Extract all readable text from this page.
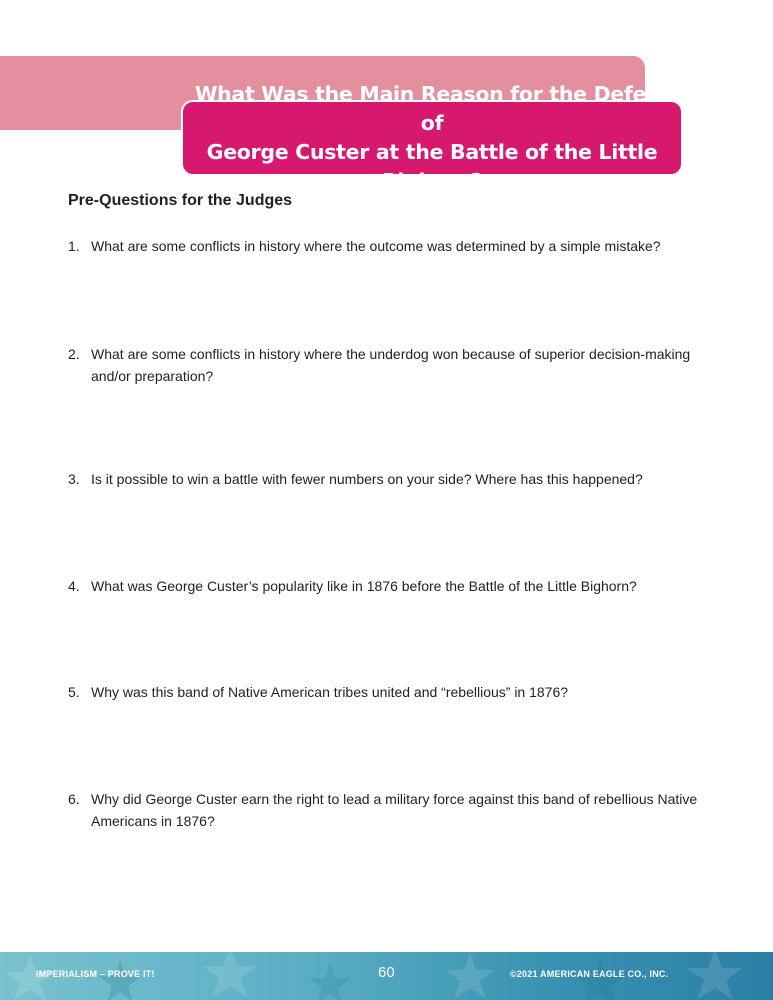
What Was the Main Reason for the Defeat of
George Custer at the Battle of the Little Bighorn?
Pre-Questions for the Judges
1. What are some conflicts in history where the outcome was determined by a simple mistake?
2. What are some conflicts in history where the underdog won because of superior decision-making and/or preparation?
3. Is it possible to win a battle with fewer numbers on your side? Where has this happened?
4. What was George Custer’s popularity like in 1876 before the Battle of the Little Bighorn?
5. Why was this band of Native American tribes united and “rebellious” in 1876?
6. Why did George Custer earn the right to lead a military force against this band of rebellious Native Americans in 1876?
IMPERIALISM – PROVE IT!	60	©2021 AMERICAN EAGLE CO., INC.
